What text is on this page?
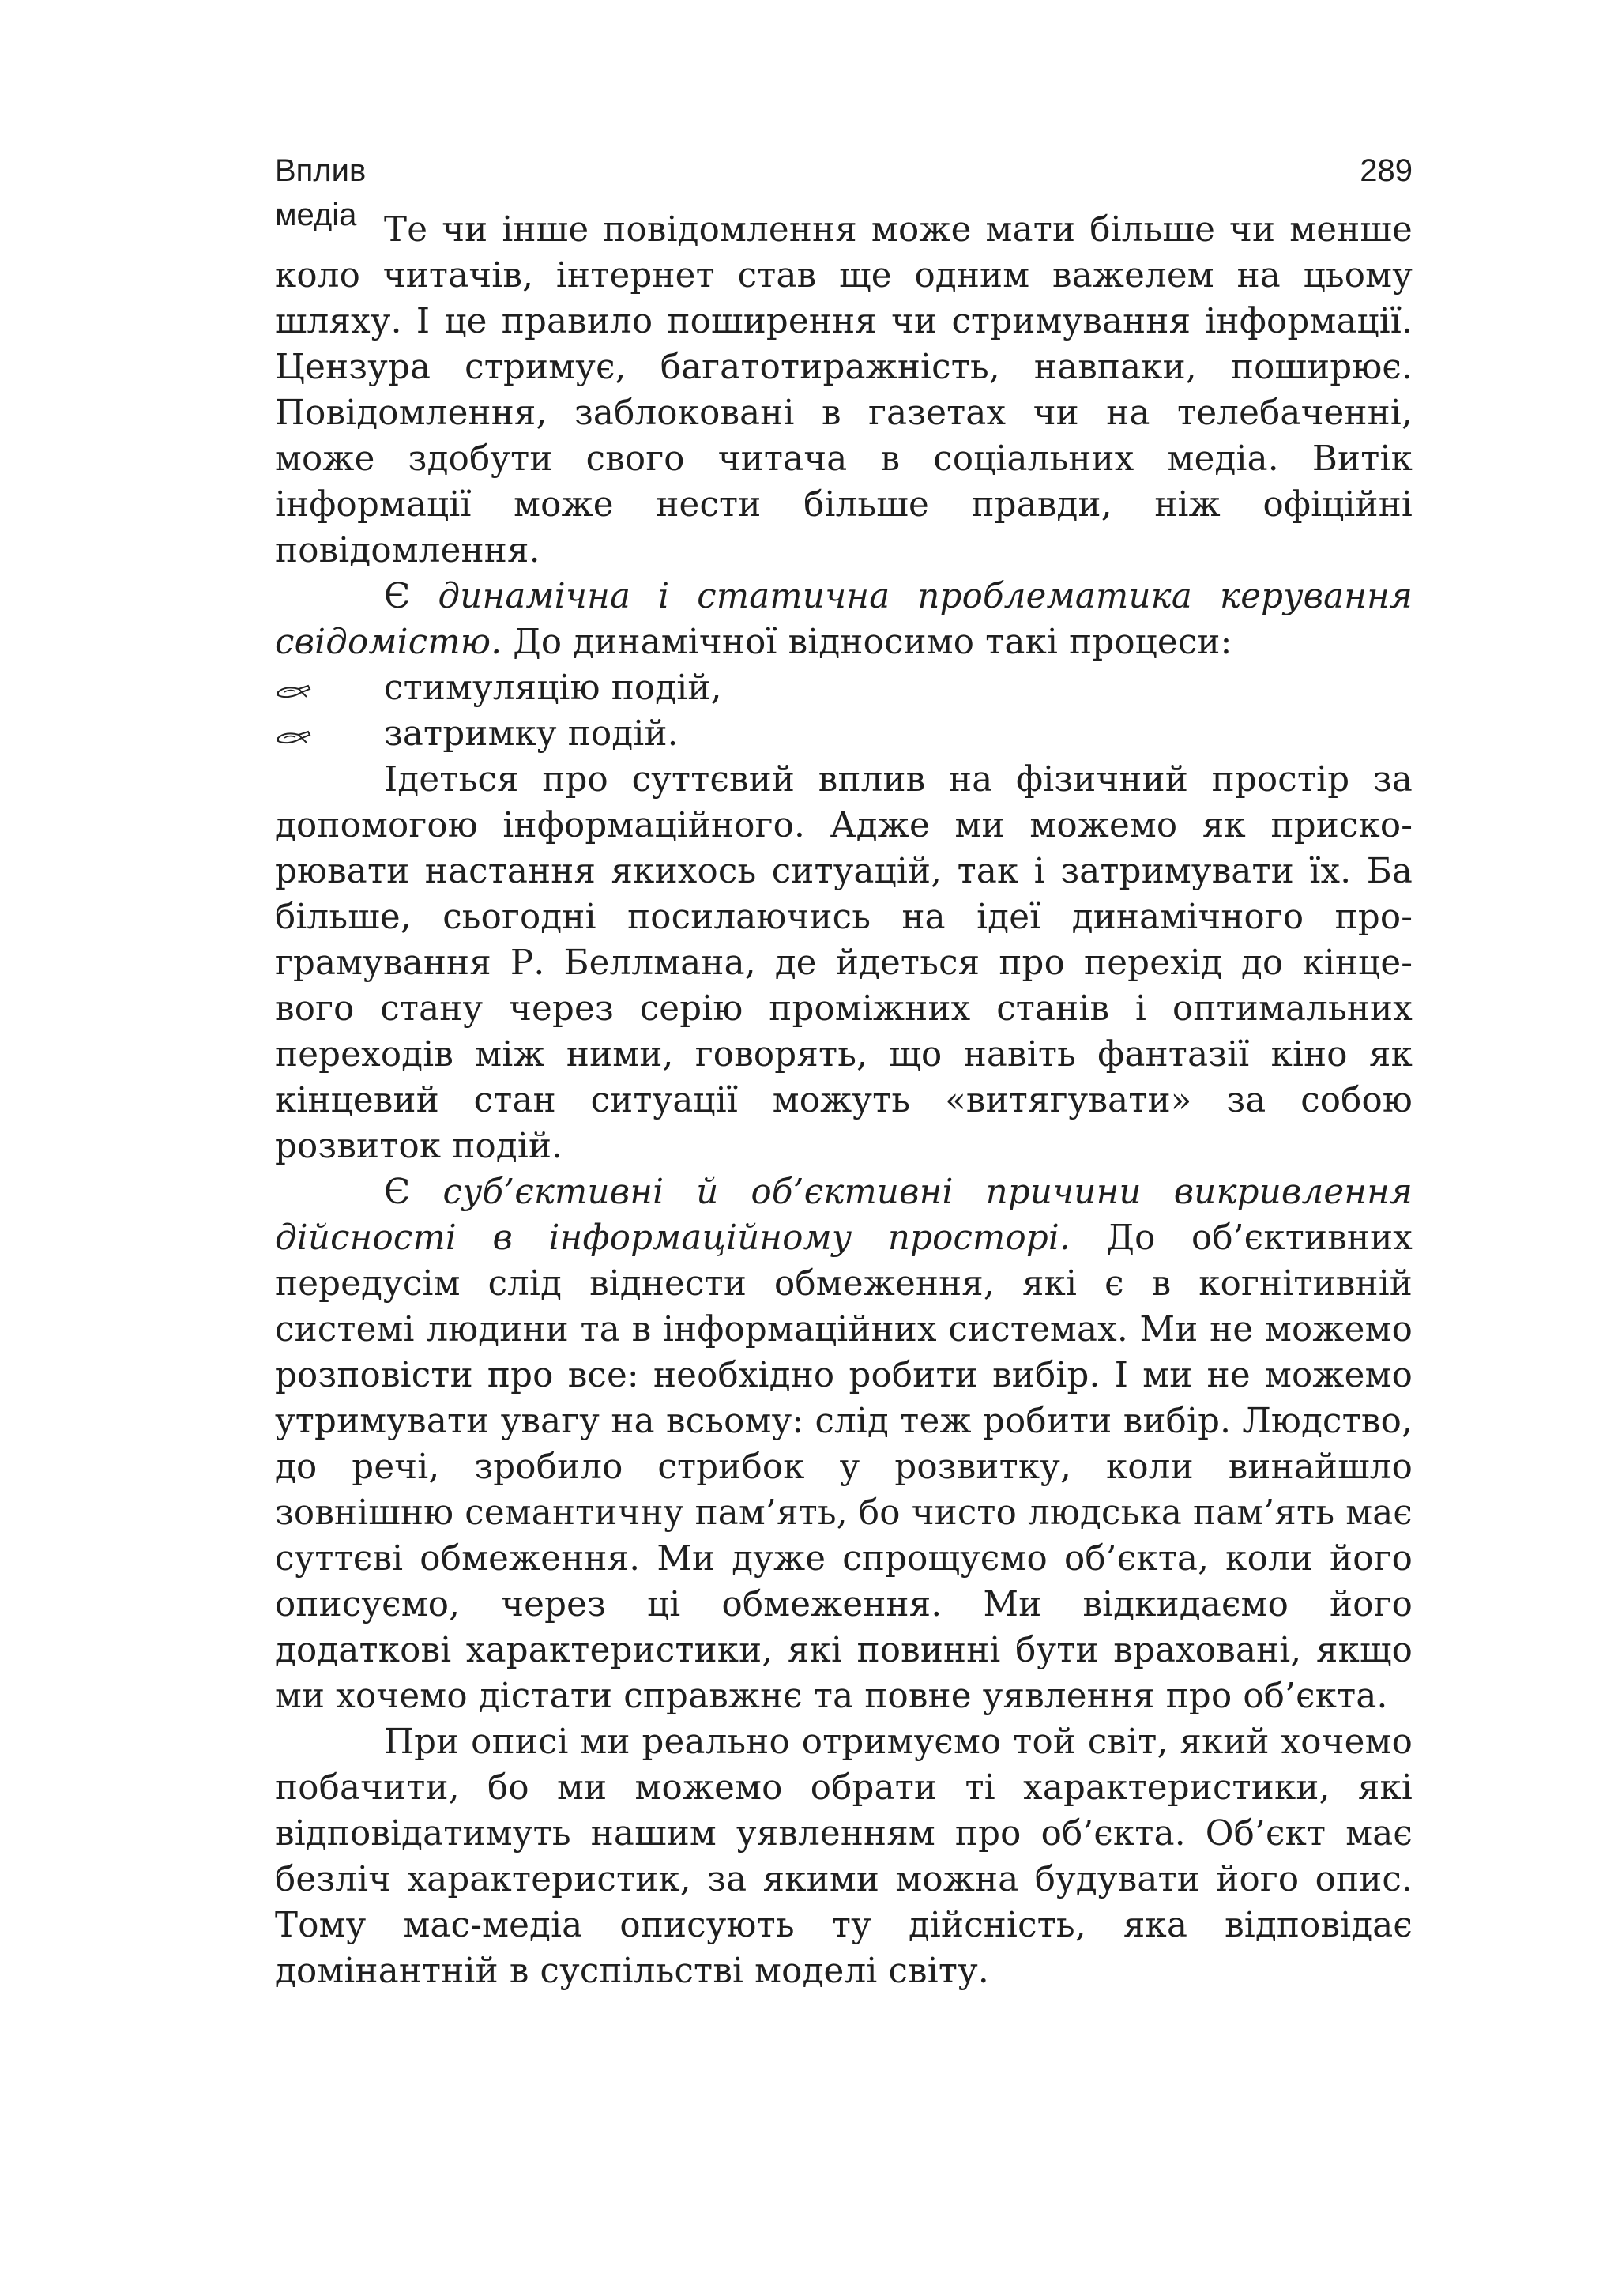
Вплив медіа
289

Те чи інше повідомлення може мати більше чи менше коло читачів, інтернет став ще одним важелем на цьому шляху. І це правило поширення чи стримування інформації. Цензура стримує, багатотиражність, навпаки, поширює. Повідомлення, заблоковані в газетах чи на телебаченні, може здобути свого читача в соціальних медіа. Витік інформації може нести більше правди, ніж офіційні повідомлення.

Є динамічна і статична проблематика керування свідомістю. До динамічної відносимо такі процеси:

стимуляцію подій,
затримку подій.

Ідеться про суттєвий вплив на фізичний простір за допомогою інформаційного. Адже ми можемо як прискорювати настання якихось ситуацій, так і затримувати їх. Ба більше, сьогодні посилаючись на ідеї динамічного програмування Р. Беллмана, де йдеться про перехід до кінцевого стану через серію проміжних станів і оптимальних переходів між ними, говорять, що навіть фантазії кіно як кінцевий стан ситуації можуть «витягувати» за собою розвиток подій.

Є суб’єктивні й об’єктивні причини викривлення дійсності в інформаційному просторі. До об’єктивних передусім слід віднести обмеження, які є в когнітивній системі людини та в інформаційних системах. Ми не можемо розповісти про все: необхідно робити вибір. І ми не можемо утримувати увагу на всьому: слід теж робити вибір. Людство, до речі, зробило стрибок у розвитку, коли винайшло зовнішню семантичну пам’ять, бо чисто людська пам’ять має суттєві обмеження. Ми дуже спрощуємо об’єкта, коли його описуємо, через ці обмеження. Ми відкидаємо його додаткові характеристики, які повинні бути враховані, якщо ми хочемо дістати справжнє та повне уявлення про об’єкта.

При описі ми реально отримуємо той світ, який хочемо побачити, бо ми можемо обрати ті характеристики, які відповідатимуть нашим уявленням про об’єкта. Об’єкт має безліч характеристик, за якими можна будувати його опис. Тому мас-медіа описують ту дійсність, яка відповідає домінантній в суспільстві моделі світу.
